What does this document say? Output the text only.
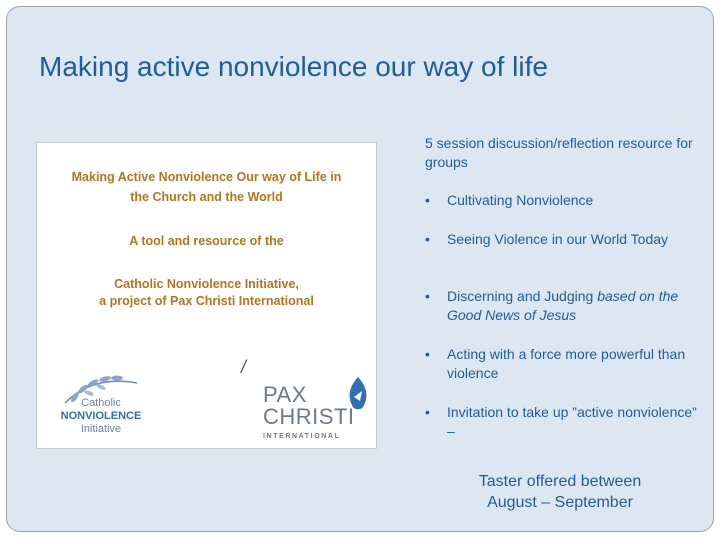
Making active nonviolence our way of life
Making Active Nonviolence Our way of Life in
the Church and the World
A tool and resource of the
Catholic Nonviolence Initiative,
a project of Pax Christi International
/
Catholic
NONVIOLENCE
Initiative
PAX
CHRISTI
INTERNATIONAL
5 session discussion/reflection resource for groups
• Cultivating Nonviolence
• Seeing Violence in our World Today
• Discerning and Judging based on the Good News of Jesus
• Acting with a force more powerful than violence
• Invitation to take up ”active nonviolence” –
Taster offered between August – September
